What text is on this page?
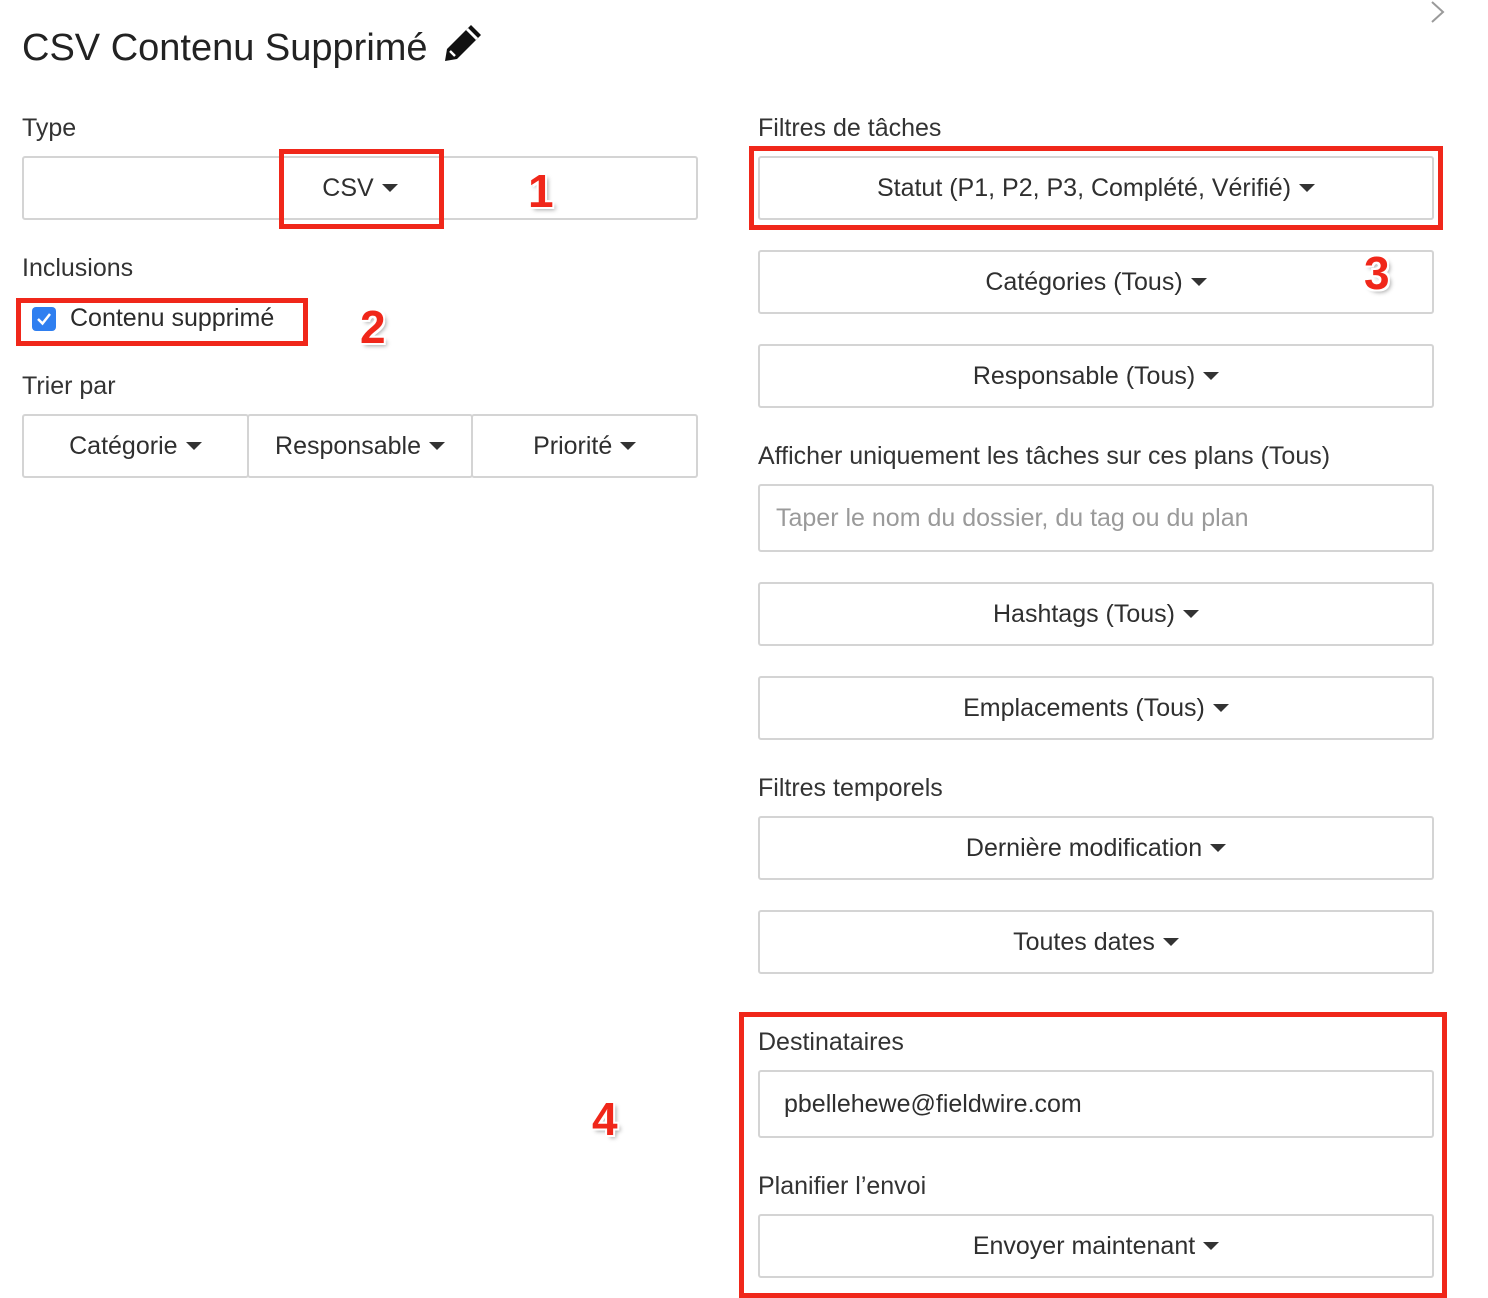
CSV Contenu Supprimé
Type
CSV
Inclusions
Contenu supprimé
Trier par
Catégorie	Responsable	Priorité
Filtres de tâches
Statut (P1, P2, P3, Complété, Vérifié)
Catégories (Tous)
Responsable (Tous)
Afficher uniquement les tâches sur ces plans (Tous)
Taper le nom du dossier, du tag ou du plan
Hashtags (Tous)
Emplacements (Tous)
Filtres temporels
Dernière modification
Toutes dates
Destinataires
pbellehewe@fieldwire.com
Planifier l’envoi
Envoyer maintenant
1
2
3
4
